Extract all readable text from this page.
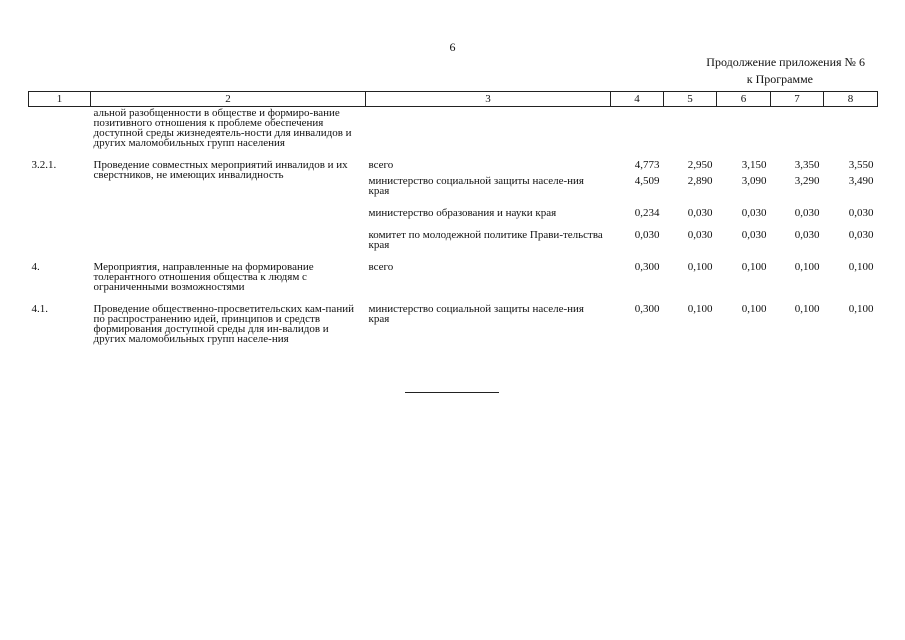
6
Продолжение приложения № 6
к Программе
1	2	3	4	5	6	7	8
	альной разобщенности в обществе и формиро-вание позитивного отношения к проблеме обеспечения доступной среды жизнедеятель-ности для инвалидов и других маломобильных групп населения						
3.2.1.	Проведение совместных мероприятий инвалидов и их сверстников, не имеющих инвалидность	всего	4,773	2,950	3,150	3,350	3,550
		министерство социальной защиты населе-ния края	4,509	2,890	3,090	3,290	3,490
		министерство образования и науки края	0,234	0,030	0,030	0,030	0,030
		комитет по молодежной политике Прави-тельства края	0,030	0,030	0,030	0,030	0,030
4.	Мероприятия, направленные на формирование толерантного отношения общества к людям с ограниченными возможностями	всего	0,300	0,100	0,100	0,100	0,100
4.1.	Проведение общественно-просветительских кам-паний по распространению идей, принципов и средств формирования доступной среды для ин-валидов и других маломобильных групп населе-ния	министерство социальной защиты населе-ния края	0,300	0,100	0,100	0,100	0,100
